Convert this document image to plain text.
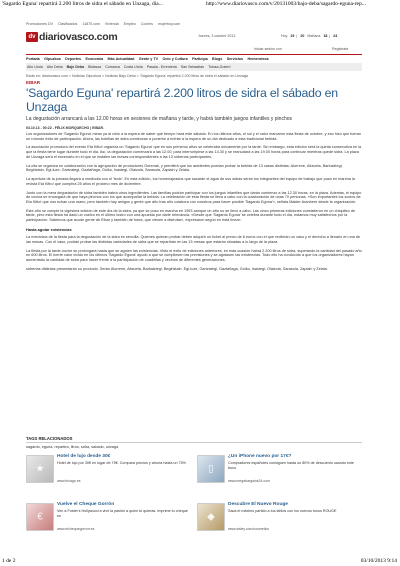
'Sagardo Eguna' repartirá 2.200 litros de sidra el sábado en Unzaga, dia...	http://www.diariovasco.com/v/20131003/bajo-deba/sagardo-eguna-rep...
Promociones DV Clasificados 11870.com Vivienda Empleo Coches mujerhoy.com
dv diariovasco.com	Jueves, 3 octubre 2013	Hoy 19 | 20 Mañana 18 | 24
Iniciar sesión con	Registrate
Portada Gipuzkoa Deportes Economía Más Actualidad Gente y TV Ocio y Cultura Participa Blogs Servicios Hemeroteca
Alto Urola Alto Deba Bajo Deba Bidasoa Comarca Costa Urola Pasaia - Errenteria San Sebastián Tolosa-Goierri
Estás en: diariovasco.com > Noticias Gipuzkoa > Noticias Bajo Deba > 'Sagardo Eguna' repartirá 2.200 litros de sidra el sábado en Unzaga
EIBAR
'Sagardo Eguna' repartirá 2.200 litros de sidra el sábado en Unzaga
La degustación arrancará a las 12.00 horas en sesiones de mañana y tarde, y habrá también juegos infantiles y pinchos
03.10.13 - 00:22 - FÉLIX MORQUECHO | EIBAR.

Los organizadores de 'Sagardo Eguna' miran ya al cielo a la espera de saber qué tiempo hará este sábado. En los últimos años, el sol y el calor marcaron esta fiesta de octubre, y eso hizo que fueran un rotundo éxito de participación. Ahora, las botellas de sidra comienzan a ponerse a enfriar a la espera de un día dedicado a esta tradicional bebida.

La asociación promotora del evento Eta Kitto! organiza un 'Sagardo Eguna' que en sus primeros años se celebraba únicamente por la tarde. Sin embargo, esta edición será la quinta consecutiva en la que la fiesta tiene lugar durante todo el día. Así, la degustación comenzará a las 12.00, para interrumpirse a las 14.30 y se reanudará a las 19.00 horas para continuar mientras quede sidra. La plaza de Unzaga será el escenario en el que se instalen las mesas correspondientes a las 13 sidrerías participantes.

La cita se organiza en colaboración con la agrupación de productores Gorenak, y permitirá que los asistentes puedan probar la bebida de 13 casas distintas: Alorrene, Altzueta, Barkaiztegi, Begiristain, Egi-luze, Gartzategi, Gaztañaga, Goiko, Isastegi, Olaizola, Sarasola, Zapiain y Zelaia.

La apertura de la jornada llegará a mediodía con el 'txotx'. En esta edición, los homenajeados que sacarán el agua de sus sidras serán los integrantes del equipo de trabajo que puso en marcha la revista Eta Kitto! que cumplirá 25 años el próximo mes de diciembre.

Junto con la mera degustación de sidra también habrá otros ingredientes. Las familias podrán participar con los juegos infantiles que darán comienzo a las 12.30 horas, en la plaza. Además, el equipo de cocina se encargará de que haya pinchos con los que acompañar la bebida. La celebración de esta fiesta se lleva a cabo con la colaboración de unas 70 personas. «Son importantes los socios de Eta Kitto! que nos echan una mano, pero también hay amigos y gente que año tras año colabora con nosotros para hacer posible 'Sagardo Eguna'», señala Maider Aranberri desde la organización.

Este año se cumple la vigésima edición de este día de la sidra, ya que se puso en marcha en 1993 aunque un año no se llevó a cabo. Las cinco primeras ediciones consistieron en un chiquiteo de tarde, pero esta fiesta ha dado un vuelco en el último lustro con una apuesta por darle relevancia. «Desde que 'Sagardo Eguna' se celebra durante todo el día, estamos muy satisfechos por la participación. Sabemos que acude gente de Eibar y también de fuera, que vienen a disfrutar», expresaron según en esta línea».

Hasta agotar existencias

La mecánica de la fiesta para la degustación de la sidra es sencilla. Quienes quieran probar deben adquirir un ticket al precio de 6 euros con el que recibirán un vaso y el derecho a llenarlo en una de las mesas. Con el vaso, podrán probar las distintas variedades de sidra que se repartirán en las 13 mesas que estarán situadas a lo largo de la plaza.

La fiesta por la tarde-noche se prolongará hasta que se agoten las existencias. Visto el éxito de ediciones anteriores, en esta ocasión habrá 2.200 litros de sidra, superando la cantidad del pasado año en 600 litros. El fuerte calor vivido en los últimos 'Sagardo Eguna' ayudó a que se cumpliesen las previsiones y se agotasen las existencias. Todo ello ha conducido a que los organizadores hayan aumentado la cantidad de sidra para hacer frente a la participación de cuadrillas y vecinos de diferentes generaciones.

sidrerías distintas presentarán su producto. Serán Alorrene, Altzueta, Barkaiztegi, Begiristain, Egi-luze, Gartzategi, Gaztañaga, Goiko, Isastegi, Olaizola, Sarasola, Zapiain y Zelaia.

TAGS RELACIONADOS
sagardo, eguna, repartira, litros, sidra, sabado, unzaga
★
Hotel de lujo desde 30€
Hotel de lujo por 30€ en lugar de 75€. Compara precios y ahorra hasta un 75%
www.trivago.es
▯
¿Un iPhone nuevo por 17€?
Compradores españoles consiguen hasta un 80% de descuento usando este truco
www.megabargains24.com
€
Vuelve el Cheque Gorrón
Ven a Foster's Hollywood a vivir la pasión a quien tú quieras. Imprime tu cheque en
www.elchequegorron.es
◆
Descubre El Nuevo Rouge
Saca el máximo partido a tus labios con los nuevos tonos ROUGE
www.sisley.com/cosmetics
1 de 2	03/10/2013 9:14
